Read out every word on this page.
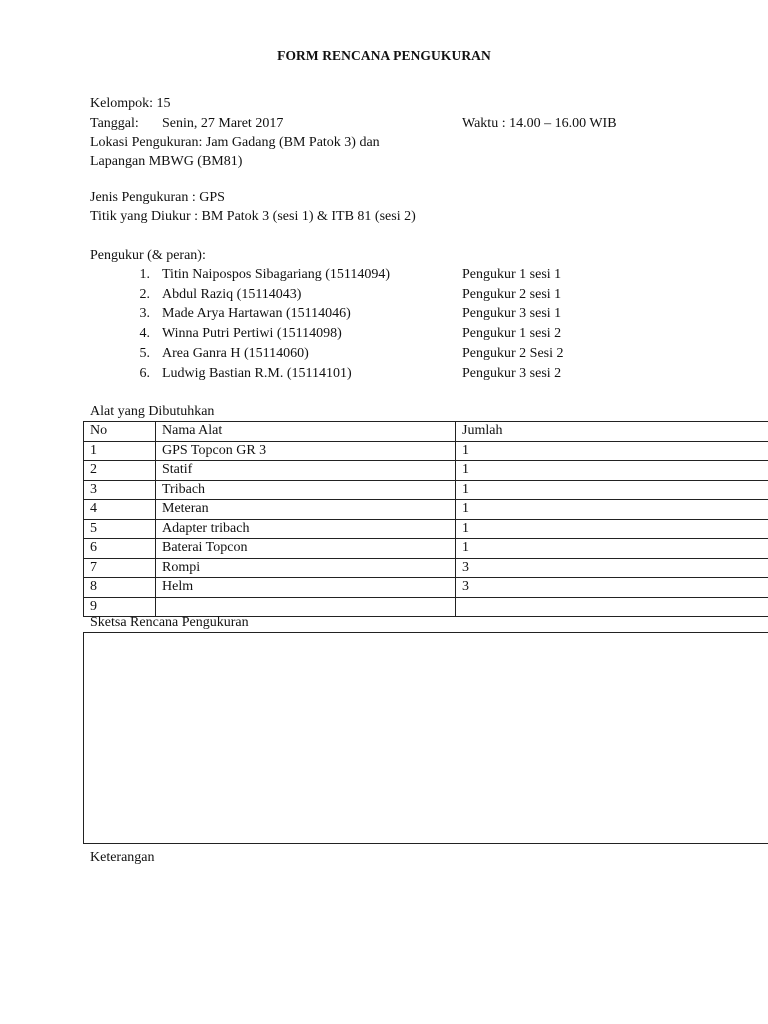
FORM RENCANA PENGUKURAN
Kelompok: 15
Tanggal: Senin, 27 Maret 2017	Waktu : 14.00 – 16.00 WIB
Lokasi Pengukuran: Jam Gadang (BM Patok 3) dan
Lapangan MBWG (BM81)
Jenis Pengukuran : GPS
Titik yang Diukur : BM Patok 3 (sesi 1) & ITB 81 (sesi 2)
Pengukur (& peran):
1. Titin Naipospos Sibagariang (15114094)	Pengukur 1 sesi 1
2. Abdul Raziq (15114043)	Pengukur 2 sesi 1
3. Made Arya Hartawan (15114046)	Pengukur 3 sesi 1
4. Winna Putri Pertiwi (15114098)	Pengukur 1 sesi 2
5. Area Ganra H (15114060)	Pengukur 2 Sesi 2
6. Ludwig Bastian R.M. (15114101)	Pengukur 3 sesi 2
Alat yang Dibutuhkan
No	Nama Alat	Jumlah
1	GPS Topcon GR 3	1
2	Statif	1
3	Tribach	1
4	Meteran	1
5	Adapter tribach	1
6	Baterai Topcon	1
7	Rompi	3
8	Helm	3
9		
Sketsa Rencana Pengukuran
Keterangan
